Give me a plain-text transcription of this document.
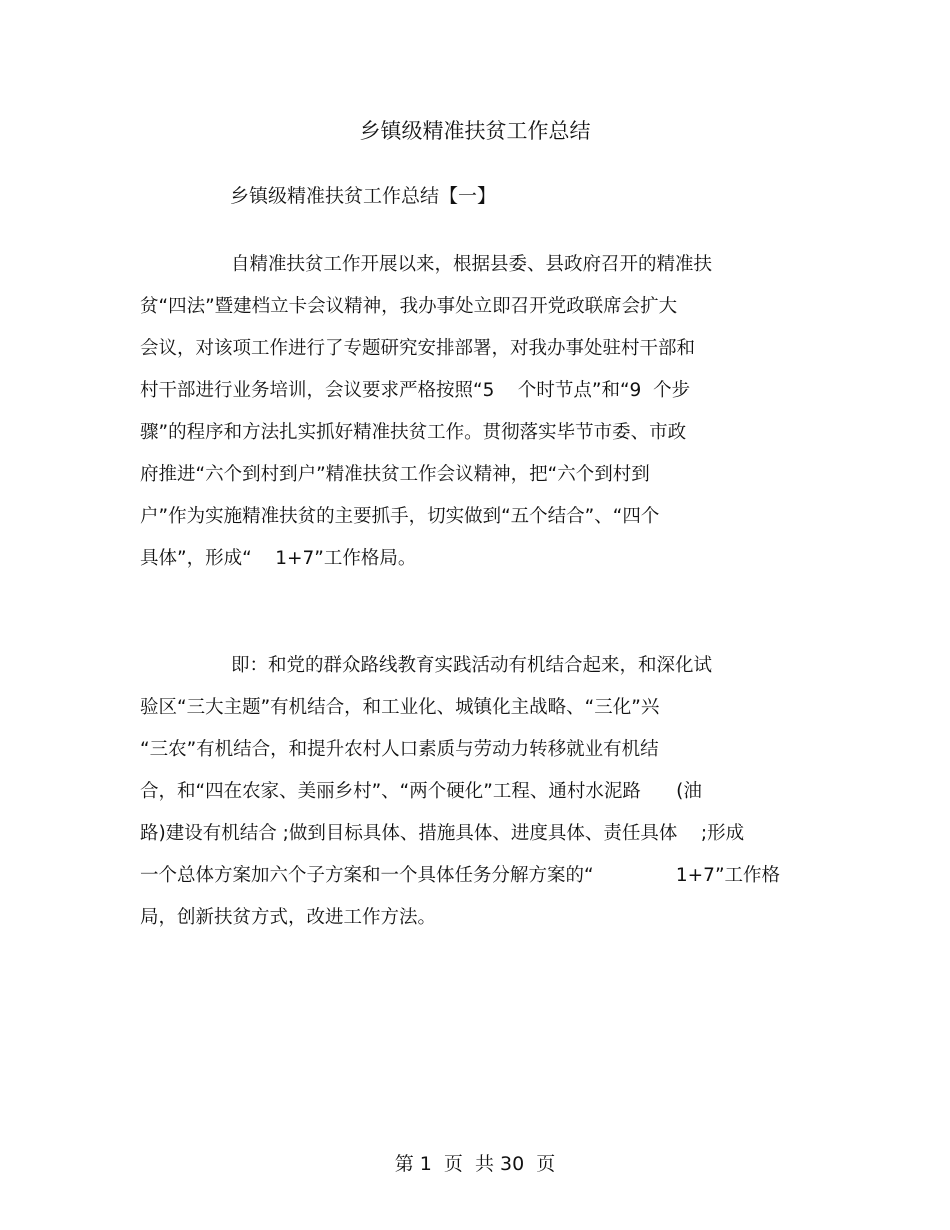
乡镇级精准扶贫工作总结
乡镇级精准扶贫工作总结【一】
自精准扶贫工作开展以来，根据县委、县政府召开的精准扶
贫“四法”暨建档立卡会议精神，我办事处立即召开党政联席会扩大
会议，对该项工作进行了专题研究安排部署，对我办事处驻村干部和
村干部进行业务培训，会议要求严格按照“5    个时节点”和“9  个步
骤”的程序和方法扎实抓好精准扶贫工作。贯彻落实毕节市委、市政
府推进“六个到村到户”精准扶贫工作会议精神，把“六个到村到
户”作为实施精准扶贫的主要抓手，切实做到“五个结合”、“四个
具体”，形成“    1+7”工作格局。
即：和党的群众路线教育实践活动有机结合起来，和深化试
验区“三大主题”有机结合，和工业化、城镇化主战略、“三化”兴
“三农”有机结合，和提升农村人口素质与劳动力转移就业有机结
合，和“四在农家、美丽乡村”、“两个硬化”工程、通村水泥路      (油
路)建设有机结合 ;做到目标具体、措施具体、进度具体、责任具体    ;形成
一个总体方案加六个子方案和一个具体任务分解方案的“              1+7”工作格
局，创新扶贫方式，改进工作方法。
第 1  页  共 30  页
